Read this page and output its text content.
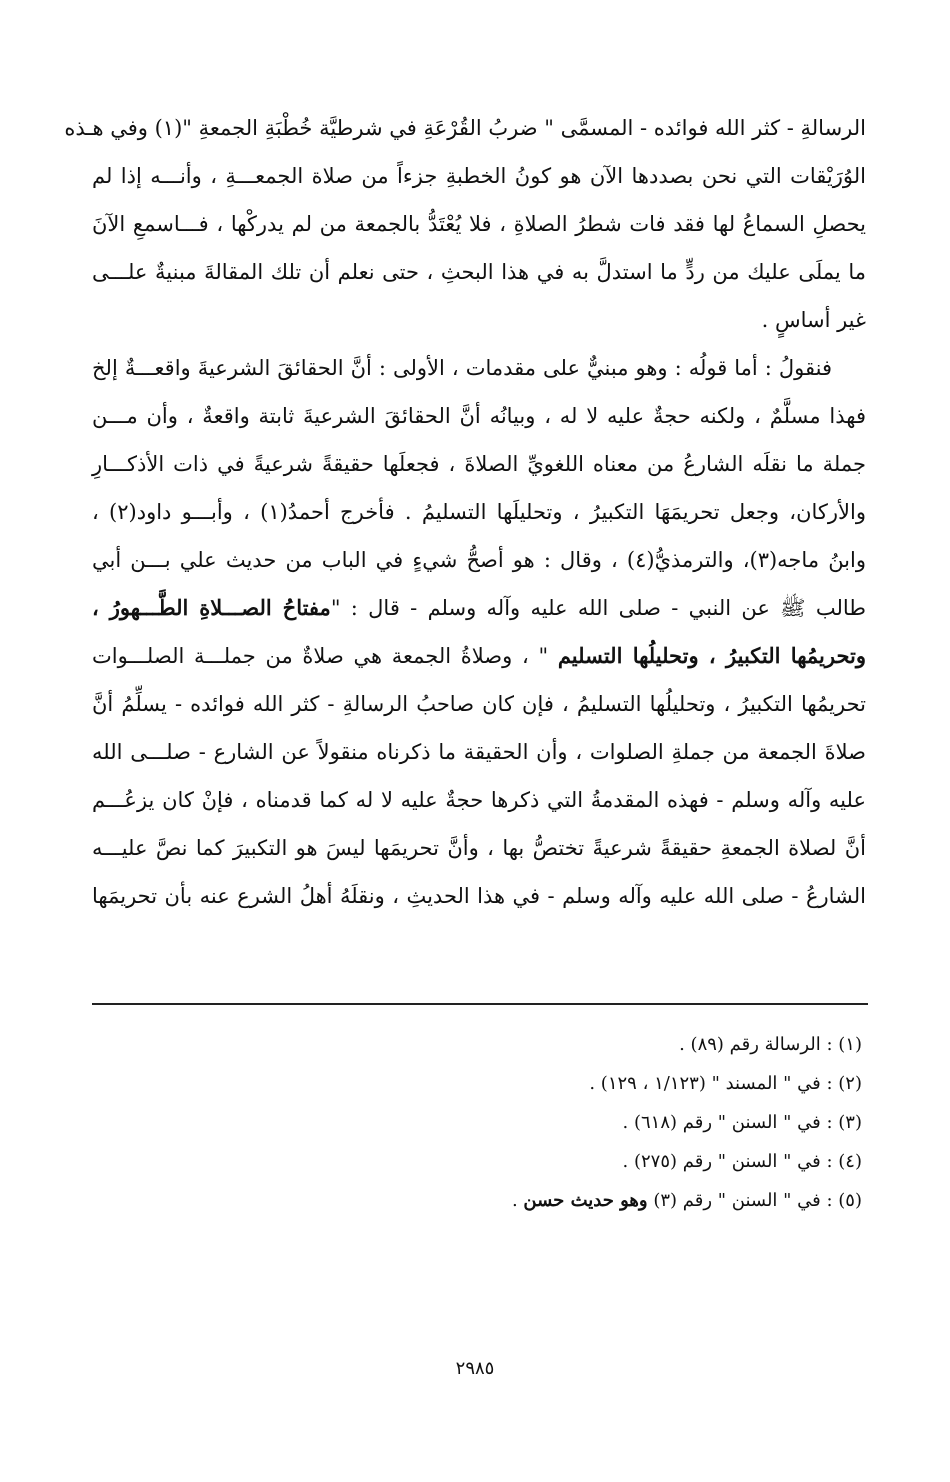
الرسالةِ - كثر الله فوائده - المسمَّى " ضربُ القُرْعَةِ في شرطيَّة خُطْبَةِ الجمعةِ "(١) وفي هـذه
الوُرَيْقات التي نحن بصددها الآن هو كونُ الخطبةِ جزءاً من صلاة الجمعـــةِ ، وأنـــه إذا لم
يحصلِ السماعُ لها فقد فات شطرُ الصلاةِ ، فلا يُعْتَدُّ بالجمعة من لم يدركْها ، فـــاسمعِ الآنَ
ما يملَى عليك من ردٍّ ما استدلَّ به في هذا البحثِ ، حتى نعلم أن تلك المقالةَ مبنيةٌ علـــى
غير أساسٍ .
فنقولُ : أما قولُه : وهو مبنيٌّ على مقدمات ، الأولى : أنَّ الحقائقَ الشرعيةَ واقعـــةٌ إلخ
فهذا مسلَّمٌ ، ولكنه حجةٌ عليه لا له ، وبيانُه أنَّ الحقائقَ الشرعيةَ ثابتة واقعةٌ ، وأن مـــن
جملة ما نقلَه الشارعُ من معناه اللغويِّ الصلاةَ ، فجعلَها حقيقةً شرعيةً في ذات الأذكـــارِ
والأركان، وجعل تحريمَهَا التكبيرُ ، وتحليلَها التسليمُ . فأخرج أحمدُ(١) ، وأبـــو داود(٢) ،
وابنُ ماجه(٣)، والترمذيُّ(٤) ، وقال : هو أصحُّ شيءٍ في الباب من حديث علي بـــن أبي
طالب ﷺ عن النبي - صلى الله عليه وآله وسلم - قال : "مفتاحُ الصـــلاةِ الطَّـــهورُ ،
وتحريمُها التكبيرُ ، وتحليلُها التسليم " ، وصلاةُ الجمعة هي صلاةٌ من جملـــة الصلـــوات
تحريمُها التكبيرُ ، وتحليلُها التسليمُ ، فإن كان صاحبُ الرسالةِ - كثر الله فوائده - يسلِّمُ أنَّ
صلاةَ الجمعة من جملةِ الصلوات ، وأن الحقيقة ما ذكرناه منقولاً عن الشارع - صلـــى الله
عليه وآله وسلم - فهذه المقدمةُ التي ذكرها حجةٌ عليه لا له كما قدمناه ، فإنْ كان يزعُـــم
أنَّ لصلاة الجمعةِ حقيقةً شرعيةً تختصُّ بها ، وأنَّ تحريمَها ليسَ هو التكبيرَ كما نصَّ عليـــه
الشارعُ - صلى الله عليه وآله وسلم - في هذا الحديثِ ، ونقلَهُ أهلُ الشرع عنه بأن تحريمَها
(١) : الرسالة رقم (٨٩) .
(٢) : في " المسند " (١/١٢٣ ، ١٢٩) .
(٣) : في " السنن " رقم (٦١٨) .
(٤) : في " السنن " رقم (٢٧٥) .
(٥) : في " السنن " رقم (٣) وهو حديث حسن .
٢٩٨٥
